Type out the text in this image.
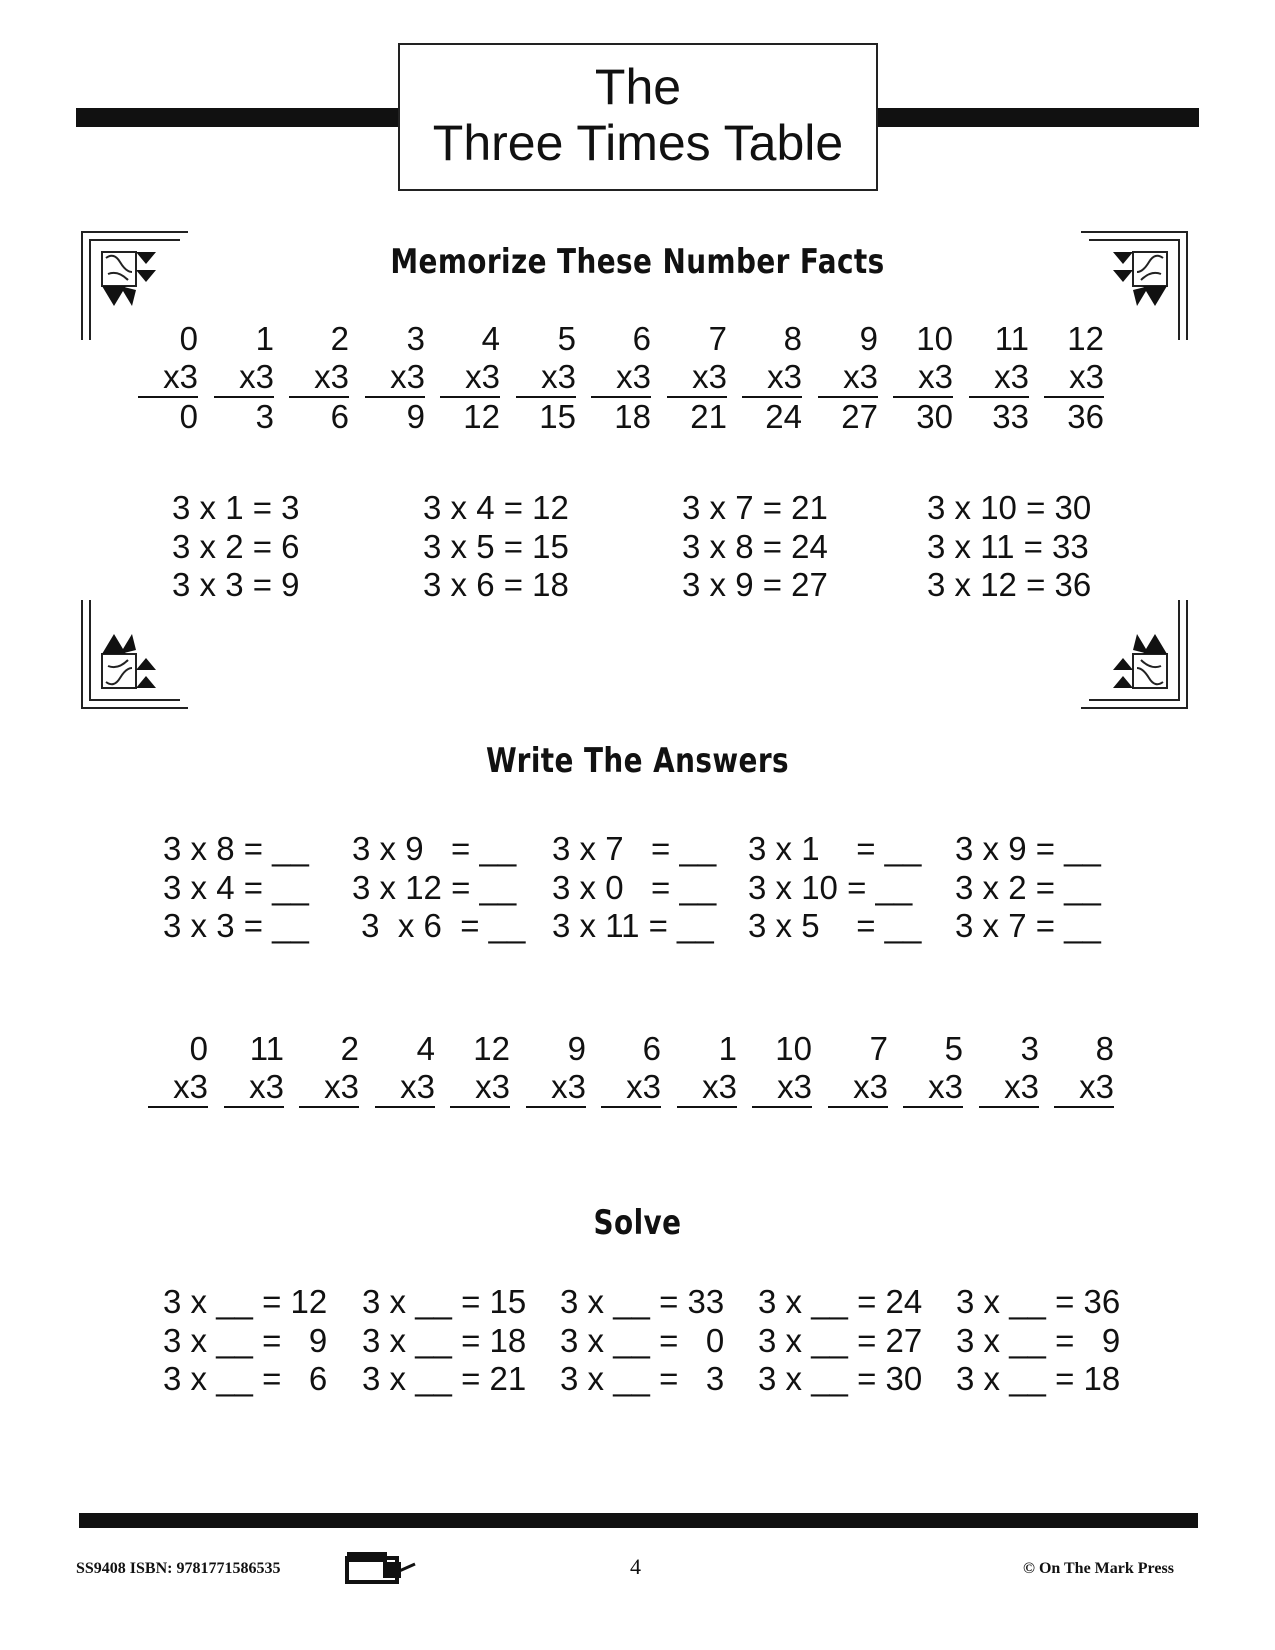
The
Three Times Table
Memorize These Number Facts
0
x3
0
1
x3
3
2
x3
6
3
x3
9
4
x3
12
5
x3
15
6
x3
18
7
x3
21
8
x3
24
9
x3
27
10
x3
30
11
x3
33
12
x3
36
3 x 1 = 3
3 x 2 = 6
3 x 3 = 9
3 x 4 = 12
3 x 5 = 15
3 x 6 = 18
3 x 7 = 21
3 x 8 = 24
3 x 9 = 27
3 x 10 = 30
3 x 11 = 33
3 x 12 = 36
Write The Answers
3 x 8 = __
3 x 4 = __
3 x 3 = __
3 x 9   = __
3 x 12 = __
3  x 6  = __
3 x 7   = __
3 x 0   = __
3 x 11 = __
3 x 1    = __
3 x 10 = __
3 x 5    = __
3 x 9 = __
3 x 2 = __
3 x 7 = __
0
x3
11
x3
2
x3
4
x3
12
x3
9
x3
6
x3
1
x3
10
x3
7
x3
5
x3
3
x3
8
x3
Solve
3 x __ = 12
3 x __ =   9
3 x __ =   6
3 x __ = 15
3 x __ = 18
3 x __ = 21
3 x __ = 33
3 x __ =   0
3 x __ =   3
3 x __ = 24
3 x __ = 27
3 x __ = 30
3 x __ = 36
3 x __ =   9
3 x __ = 18
SS9408 ISBN: 9781771586535	4	© On The Mark Press
